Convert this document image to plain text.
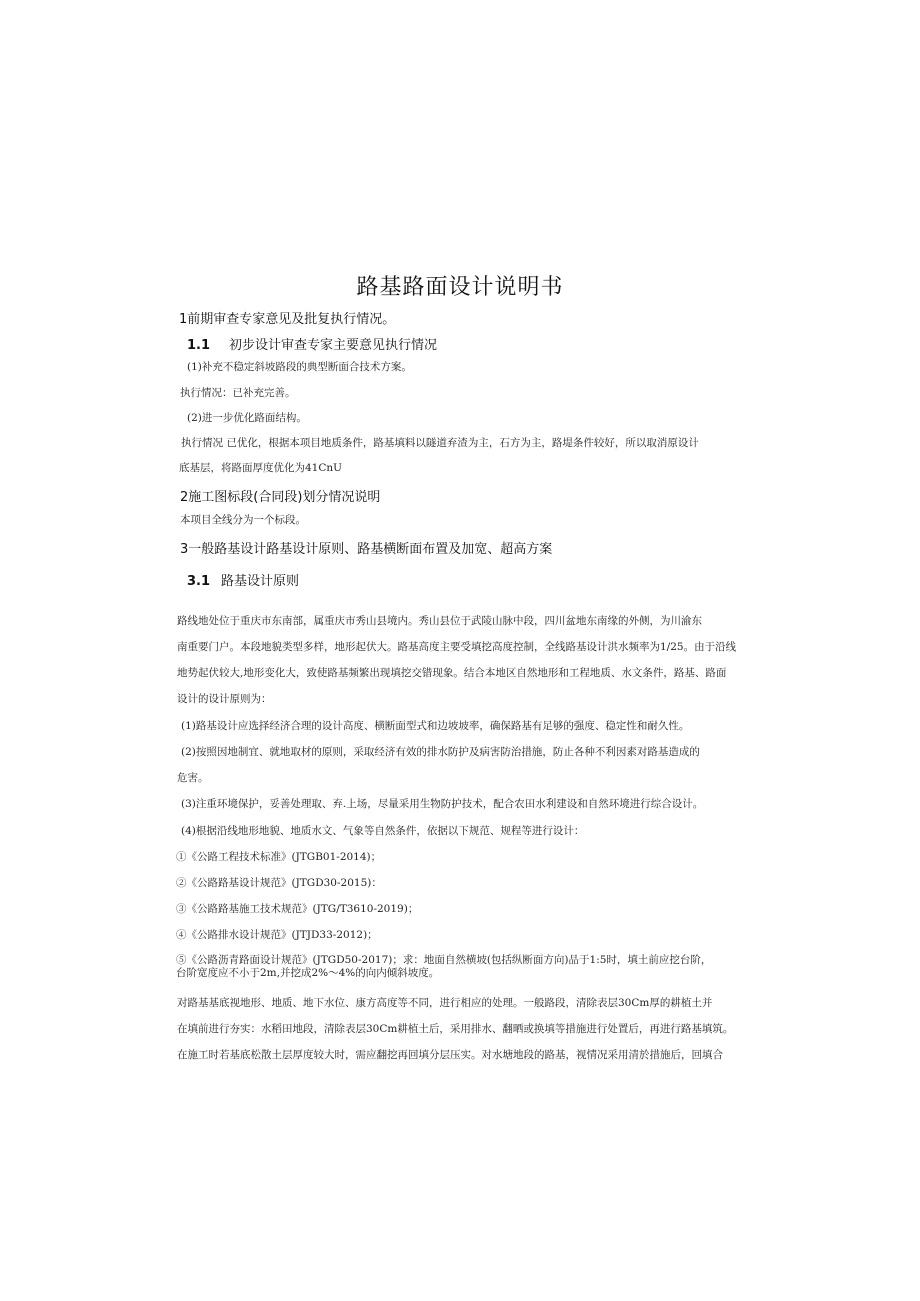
路基路面设计说明书
1前期审查专家意见及批复执行情况。
1.1 初步设计审查专家主要意见执行情况
(1)补充不稳定斜坡路段的典型断面合技术方案。
执行情况：已补充完善。
(2)进一步优化路面结构。
执行情况 已优化，根据本项目地质条件，路基填料以隧道弃渣为主，石方为主，路堤条件较好，所以取消原设计
底基层，将路面厚度优化为41CnU
2施工图标段(合同段)划分情况说明
本项目全线分为一个标段。
3一般路基设计路基设计原则、路基横断面布置及加宽、超高方案
3.1 路基设计原则
路线地处位于重庆市东南部，属重庆市秀山县境内。秀山县位于武陵山脉中段，四川盆地东南缘的外侧，为川渝东
南重要门户。本段地貌类型多样，地形起伏大。路基高度主要受填挖高度控制，全线路基设计洪水频率为1/25。由于沿线
地势起伏较大,地形变化大，致使路基频繁出现填挖交错现象。结合本地区自然地形和工程地质、水文条件，路基、路面
设计的设计原则为：
(1)路基设计应选择经济合理的设计高度、横断面型式和边坡坡率，确保路基有足够的强度、稳定性和耐久性。
(2)按照因地制宜、就地取材的原则，采取经济有效的排水防护及病害防治措施，防止各种不利因素对路基造成的
危害。
(3)注重环境保护，妥善处理取、弃.上场，尽量采用生物防护技术，配合农田水利建设和自然环境进行综合设计。
(4)根据沿线地形地貌、地质水文、气象等自然条件，依据以下规范、规程等进行设计：
①《公路工程技术标准》(JTGB01-2014)；
②《公路路基设计规范》(JTGD30-2015)：
③《公路路基施工技术规范》(JTG/T3610-2019)；
④《公路排水设计规范》(JTJD33-2012)；
⑤《公路沥青路面设计规范》(JTGD50-2017)；求：地面自然横坡(包括纵断面方向)品于1:5时，填土前应挖台阶，
台阶宽度应不小于2m,并挖成2%～4%的向内倾斜坡度。
对路基基底视地形、地质、地下水位、康方高度等不同，进行相应的处理。一般路段，清除表层30Cm厚的耕植土并
在填前进行夯实：水稻田地段，清除表层30Cm耕植土后，采用排水、翻晒或换填等措施进行处置后，再进行路基填筑。
在施工时若基底松散土层厚度较大时，需应翻挖再回填分层压实。对水塘地段的路基，视情况采用清於措施后，回填合
